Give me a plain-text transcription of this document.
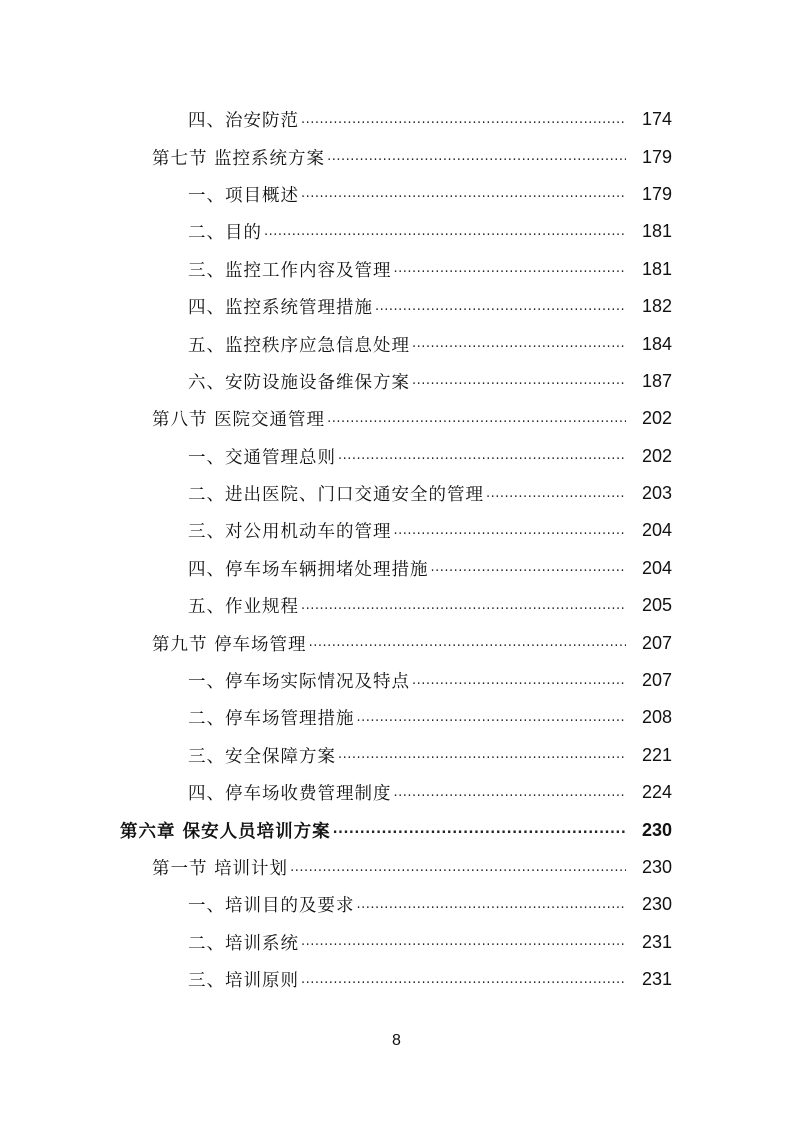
四、治安防范 .....	174
第七节 监控系统方案 .....	179
一、项目概述 .....	179
二、目的 .....	181
三、监控工作内容及管理 .....	181
四、监控系统管理措施 .....	182
五、监控秩序应急信息处理 .....	184
六、安防设施设备维保方案 .....	187
第八节 医院交通管理 .....	202
一、交通管理总则 .....	202
二、进出医院、门口交通安全的管理 .....	203
三、对公用机动车的管理 .....	204
四、停车场车辆拥堵处理措施 .....	204
五、作业规程 .....	205
第九节 停车场管理 .....	207
一、停车场实际情况及特点 .....	207
二、停车场管理措施 .....	208
三、安全保障方案 .....	221
四、停车场收费管理制度 .....	224
第六章 保安人员培训方案 .....	230
第一节 培训计划 .....	230
一、培训目的及要求 .....	230
二、培训系统 .....	231
三、培训原则 .....	231
8
